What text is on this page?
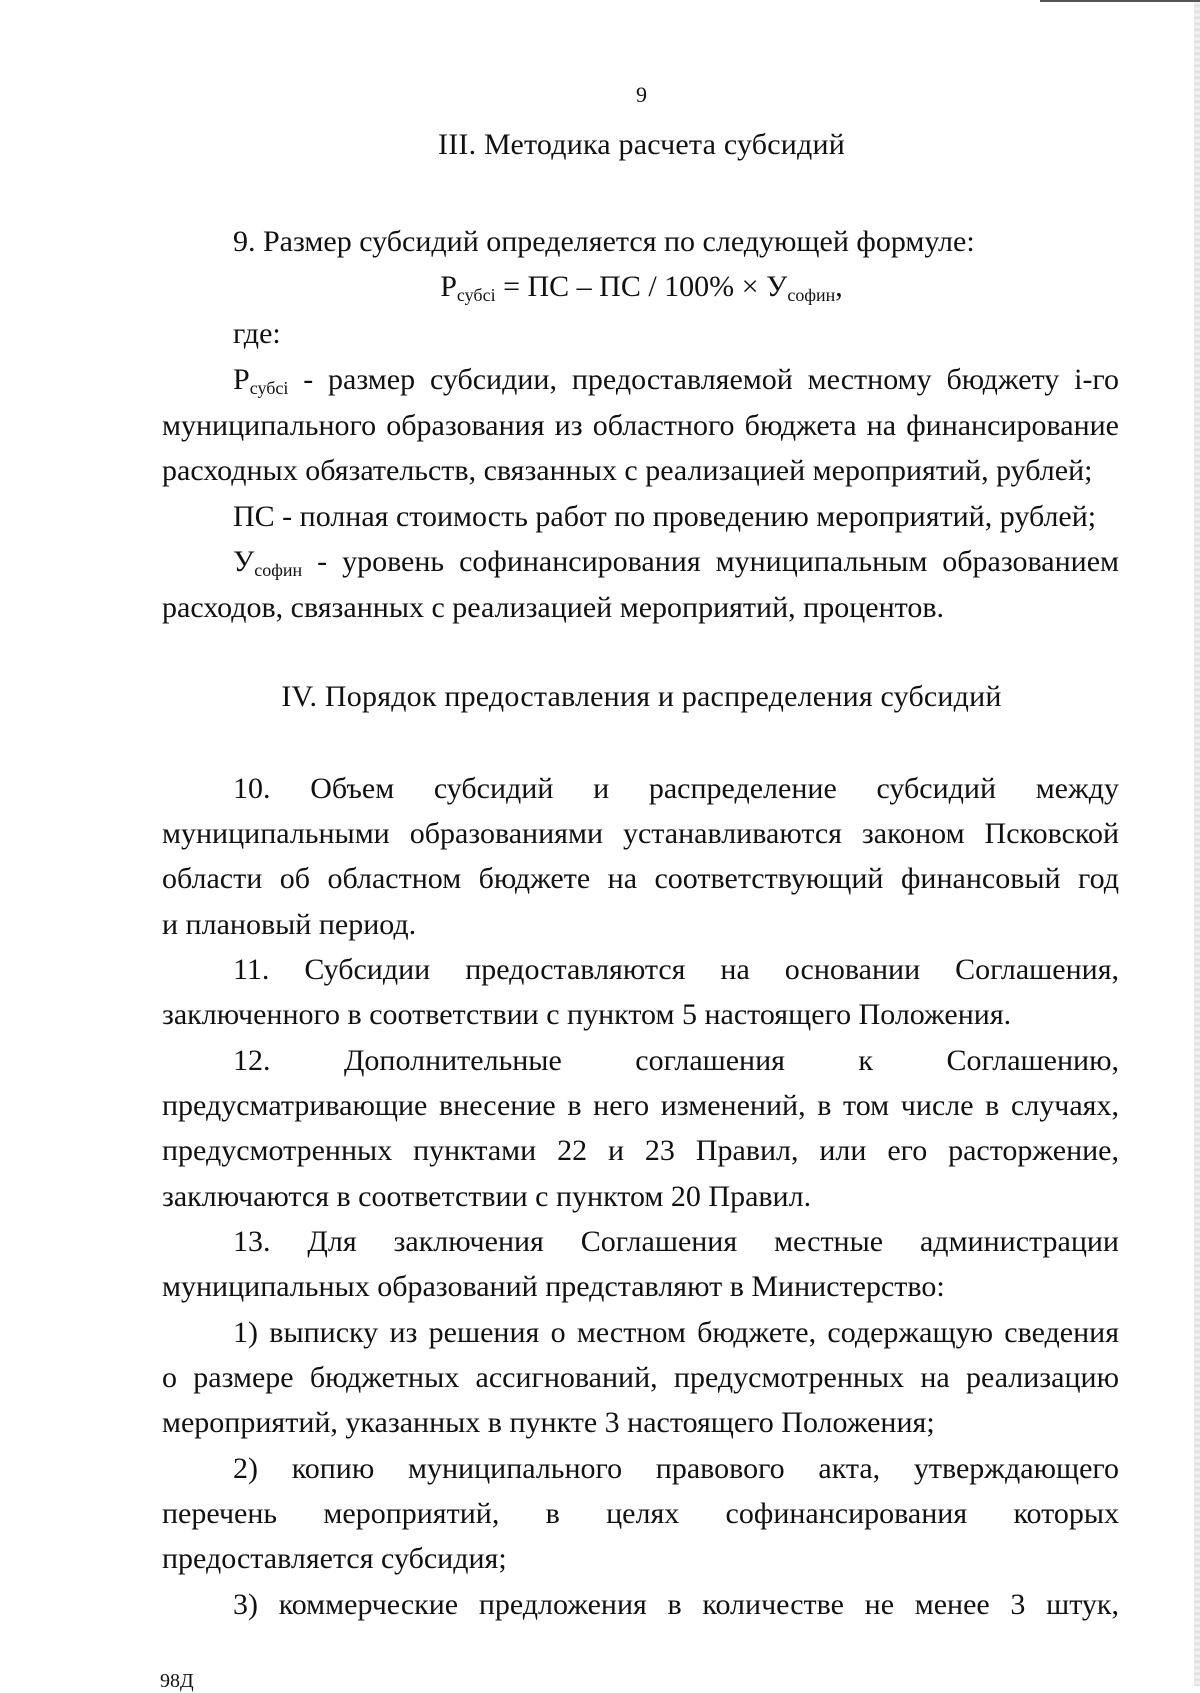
9
III. Методика расчета субсидий
9. Размер субсидий определяется по следующей формуле:
$P_{субсi}$ = ПС – ПС / $100\% \times У_{софин}$,
где:
$P_{субсi}$ - размер субсидии, предоставляемой местному бюджету i-го
муниципального образования из областного бюджета на финансирование
расходных обязательств, связанных с реализацией мероприятий, рублей;
ПС - полная стоимость работ по проведению мероприятий, рублей;
$У_{софин}$ - уровень софинансирования муниципальным образованием
расходов, связанных с реализацией мероприятий, процентов.
IV. Порядок предоставления и распределения субсидий
10. Объем субсидий и распределение субсидий между
муниципальными образованиями устанавливаются законом Псковской
области об областном бюджете на соответствующий финансовый год
и плановый период.
11. Субсидии предоставляются на основании Соглашения,
заключенного в соответствии с пунктом 5 настоящего Положения.
12. Дополнительные соглашения к Соглашению,
предусматривающие внесение в него изменений, в том числе в случаях,
предусмотренных пунктами 22 и 23 Правил, или его расторжение,
заключаются в соответствии с пунктом 20 Правил.
13. Для заключения Соглашения местные администрации
муниципальных образований представляют в Министерство:
1) выписку из решения о местном бюджете, содержащую сведения
о размере бюджетных ассигнований, предусмотренных на реализацию
мероприятий, указанных в пункте 3 настоящего Положения;
2) копию муниципального правового акта, утверждающего
перечень мероприятий, в целях софинансирования которых
предоставляется субсидия;
3) коммерческие предложения в количестве не менее 3 штук,
98Д
